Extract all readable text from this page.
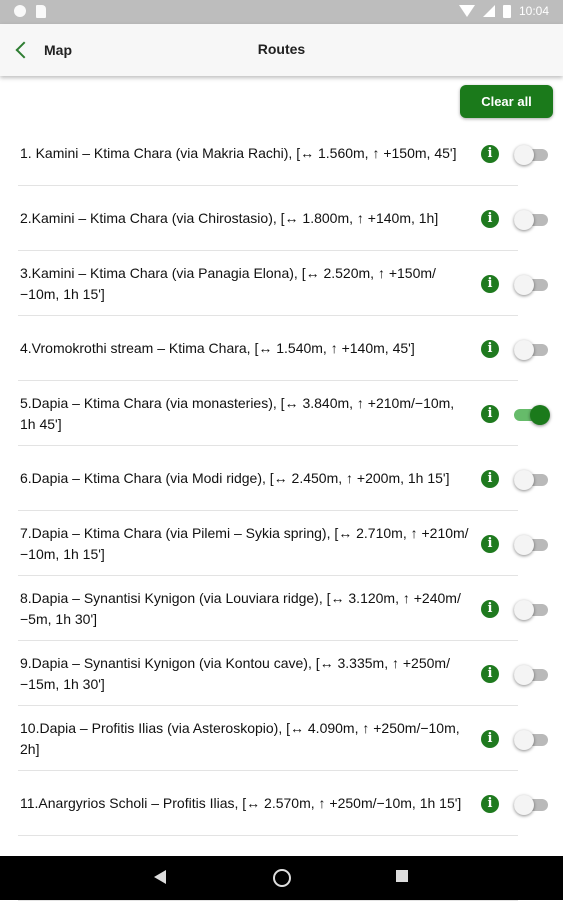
10:04
Map	Routes
Clear all
1. Kamini – Ktima Chara (via Makria Rachi), [↔ 1.560m, ↑ +150m, 45']	i
2.Kamini – Ktima Chara (via Chirostasio), [↔ 1.800m, ↑ +140m, 1h]	i
3.Kamini – Ktima Chara (via Panagia Elona), [↔ 2.520m, ↑ +150m/−10m, 1h 15']
i
4.Vromokrothi stream – Ktima Chara, [↔ 1.540m, ↑ +140m, 45']	i
5.Dapia – Ktima Chara (via monasteries), [↔ 3.840m, ↑ +210m/−10m, 1h 45']
i
6.Dapia – Ktima Chara (via Modi ridge), [↔ 2.450m, ↑ +200m, 1h 15']	i
7.Dapia – Ktima Chara (via Pilemi – Sykia spring), [↔ 2.710m, ↑ +210m/−10m, 1h 15']
i
8.Dapia – Synantisi Kynigon (via Louviara ridge), [↔ 3.120m, ↑ +240m/−5m, 1h 30']
i
9.Dapia – Synantisi Kynigon (via Kontou cave), [↔ 3.335m, ↑ +250m/−15m, 1h 30']
i
10.Dapia – Profitis Ilias (via Asteroskopio), [↔ 4.090m, ↑ +250m/−10m, 2h]
i
11.Anargyrios Scholi – Profitis Ilias, [↔ 2.570m, ↑ +250m/−10m, 1h 15']	i
